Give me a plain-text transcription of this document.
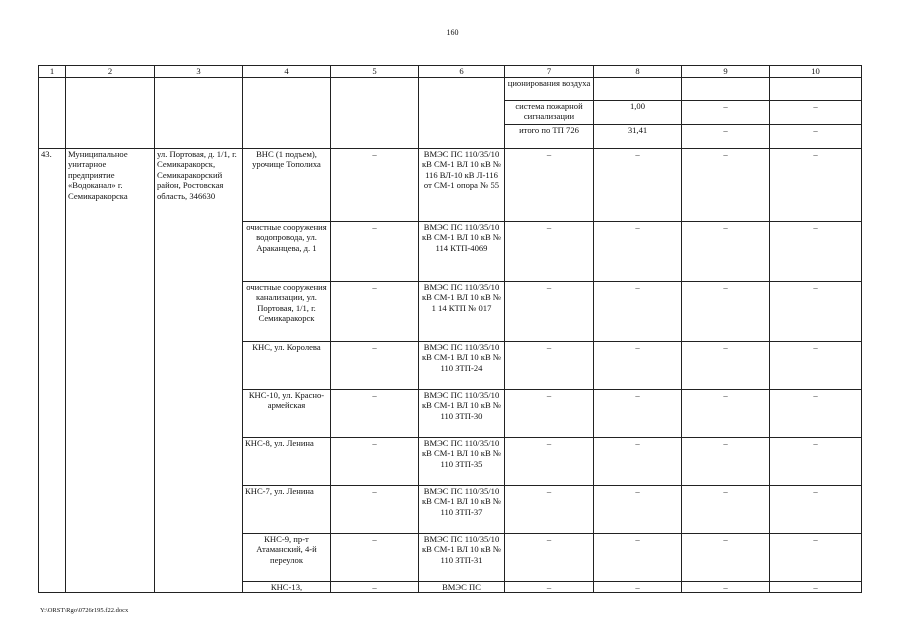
160
1	2	3	4	5	6	7	8	9	10
						ционирования воздуха			
						система пожарной сигнализации	1,00	–	–
						итого по ТП 726	31,41	–	–
43.	Муниципальное унитарное предприятие «Водоканал» г. Семикаракорска	ул. Портовая, д. 1/1, г. Семикаракорск, Семикаракорский район, Ростовская область, 346630	ВНС (1 подъем), урочище Тополиха	–	ВМЭС ПС 110/35/10 кВ СМ-1 ВЛ 10 кВ № 116 ВЛ-10 кВ Л-116 от СМ-1 опора № 55	–	–	–	–
			очистные сооружения водопровода, ул. Араканцева, д. 1	–	ВМЭС ПС 110/35/10 кВ СМ-1 ВЛ 10 кВ № 114 КТП-4069	–	–	–	–
			очистные сооружения канализации, ул. Портовая, 1/1, г. Семикаракорск	–	ВМЭС ПС 110/35/10 кВ СМ-1 ВЛ 10 кВ № 1 14 КТП № 017	–	–	–	–
			КНС, ул. Королева	–	ВМЭС ПС 110/35/10 кВ СМ-1 ВЛ 10 кВ № 110 ЗТП-24	–	–	–	–
			КНС-10, ул. Красно- армейская	–	ВМЭС ПС 110/35/10 кВ СМ-1 ВЛ 10 кВ № 110 ЗТП-30	–	–	–	–
			КНС-8, ул. Ленина	–	ВМЭС ПС 110/35/10 кВ СМ-1 ВЛ 10 кВ № 110 ЗТП-35	–	–	–	–
			КНС-7, ул. Ленина	–	ВМЭС ПС 110/35/10 кВ СМ-1 ВЛ 10 кВ № 110 ЗТП-37	–	–	–	–
			КНС-9, пр-т Атаманский, 4-й переулок	–	ВМЭС ПС 110/35/10 кВ СМ-1 ВЛ 10 кВ № 110 ЗТП-31	–	–	–	–
			КНС-13,	–	ВМЭС ПС	–	–	–	–
Y:\ORST\Rgo\0726r195.f22.docx
